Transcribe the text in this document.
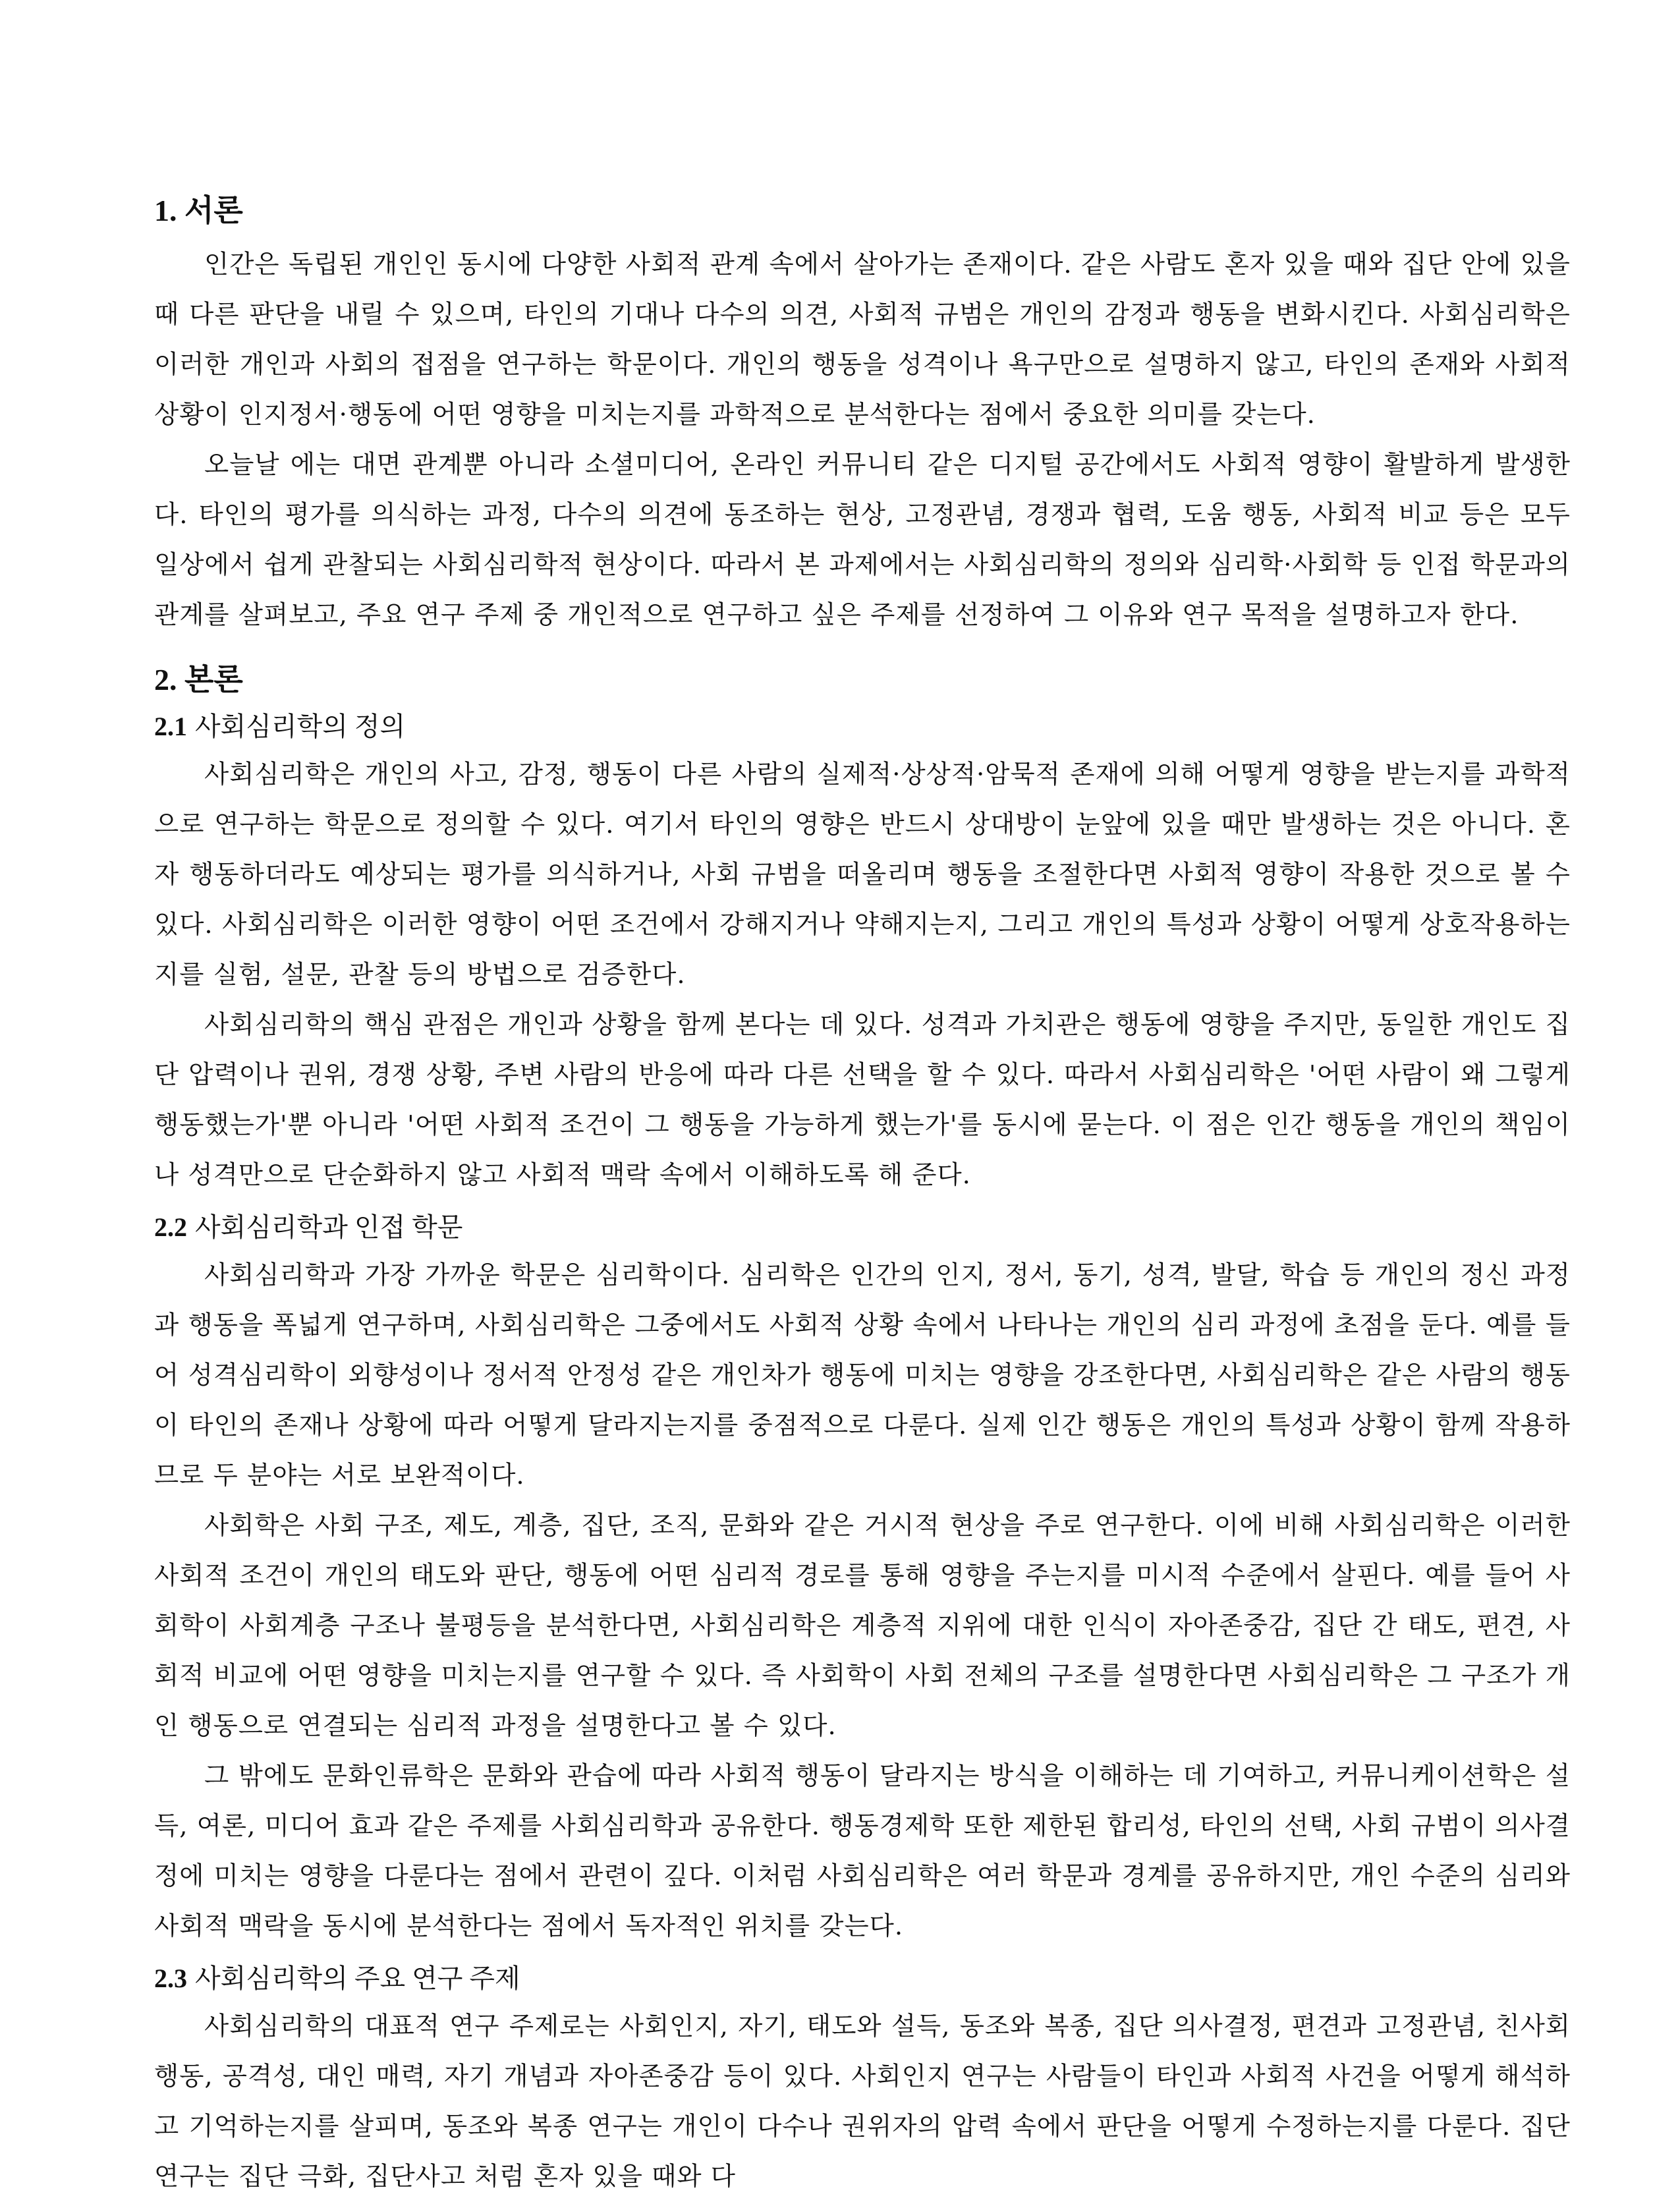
1. 서론

인간은 독립된 개인인 동시에 다양한 사회적 관계 속에서 살아가는 존재이다. 같은 사람도 혼자 있을 때와 집단 안에 있을 때 다른 판단을 내릴 수 있으며, 타인의 기대나 다수의 의견, 사회적 규범은 개인의 감정과 행동을 변화시킨다. 사회심리학은 이러한 개인과 사회의 접점을 연구하는 학문이다. 개인의 행동을 성격이나 욕구만으로 설명하지 않고, 타인의 존재와 사회적 상황이 인지정서·행동에 어떤 영향을 미치는지를 과학적으로 분석한다는 점에서 중요한 의미를 갖는다.

오늘날 에는 대면 관계뿐 아니라 소셜미디어, 온라인 커뮤니티 같은 디지털 공간에서도 사회적 영향이 활발하게 발생한다. 타인의 평가를 의식하는 과정, 다수의 의견에 동조하는 현상, 고정관념, 경쟁과 협력, 도움 행동, 사회적 비교 등은 모두 일상에서 쉽게 관찰되는 사회심리학적 현상이다. 따라서 본 과제에서는 사회심리학의 정의와 심리학·사회학 등 인접 학문과의 관계를 살펴보고, 주요 연구 주제 중 개인적으로 연구하고 싶은 주제를 선정하여 그 이유와 연구 목적을 설명하고자 한다.

2. 본론
2.1 사회심리학의 정의

사회심리학은 개인의 사고, 감정, 행동이 다른 사람의 실제적·상상적·암묵적 존재에 의해 어떻게 영향을 받는지를 과학적으로 연구하는 학문으로 정의할 수 있다. 여기서 타인의 영향은 반드시 상대방이 눈앞에 있을 때만 발생하는 것은 아니다. 혼자 행동하더라도 예상되는 평가를 의식하거나, 사회 규범을 떠올리며 행동을 조절한다면 사회적 영향이 작용한 것으로 볼 수 있다. 사회심리학은 이러한 영향이 어떤 조건에서 강해지거나 약해지는지, 그리고 개인의 특성과 상황이 어떻게 상호작용하는지를 실험, 설문, 관찰 등의 방법으로 검증한다.

사회심리학의 핵심 관점은 개인과 상황을 함께 본다는 데 있다. 성격과 가치관은 행동에 영향을 주지만, 동일한 개인도 집단 압력이나 권위, 경쟁 상황, 주변 사람의 반응에 따라 다른 선택을 할 수 있다. 따라서 사회심리학은 '어떤 사람이 왜 그렇게 행동했는가'뿐 아니라 '어떤 사회적 조건이 그 행동을 가능하게 했는가'를 동시에 묻는다. 이 점은 인간 행동을 개인의 책임이나 성격만으로 단순화하지 않고 사회적 맥락 속에서 이해하도록 해 준다.

2.2 사회심리학과 인접 학문

사회심리학과 가장 가까운 학문은 심리학이다. 심리학은 인간의 인지, 정서, 동기, 성격, 발달, 학습 등 개인의 정신 과정과 행동을 폭넓게 연구하며, 사회심리학은 그중에서도 사회적 상황 속에서 나타나는 개인의 심리 과정에 초점을 둔다. 예를 들어 성격심리학이 외향성이나 정서적 안정성 같은 개인차가 행동에 미치는 영향을 강조한다면, 사회심리학은 같은 사람의 행동이 타인의 존재나 상황에 따라 어떻게 달라지는지를 중점적으로 다룬다. 실제 인간 행동은 개인의 특성과 상황이 함께 작용하므로 두 분야는 서로 보완적이다.

사회학은 사회 구조, 제도, 계층, 집단, 조직, 문화와 같은 거시적 현상을 주로 연구한다. 이에 비해 사회심리학은 이러한 사회적 조건이 개인의 태도와 판단, 행동에 어떤 심리적 경로를 통해 영향을 주는지를 미시적 수준에서 살핀다. 예를 들어 사회학이 사회계층 구조나 불평등을 분석한다면, 사회심리학은 계층적 지위에 대한 인식이 자아존중감, 집단 간 태도, 편견, 사회적 비교에 어떤 영향을 미치는지를 연구할 수 있다. 즉 사회학이 사회 전체의 구조를 설명한다면 사회심리학은 그 구조가 개인 행동으로 연결되는 심리적 과정을 설명한다고 볼 수 있다.

그 밖에도 문화인류학은 문화와 관습에 따라 사회적 행동이 달라지는 방식을 이해하는 데 기여하고, 커뮤니케이션학은 설득, 여론, 미디어 효과 같은 주제를 사회심리학과 공유한다. 행동경제학 또한 제한된 합리성, 타인의 선택, 사회 규범이 의사결정에 미치는 영향을 다룬다는 점에서 관련이 깊다. 이처럼 사회심리학은 여러 학문과 경계를 공유하지만, 개인 수준의 심리와 사회적 맥락을 동시에 분석한다는 점에서 독자적인 위치를 갖는다.

2.3 사회심리학의 주요 연구 주제

사회심리학의 대표적 연구 주제로는 사회인지, 자기, 태도와 설득, 동조와 복종, 집단 의사결정, 편견과 고정관념, 친사회 행동, 공격성, 대인 매력, 자기 개념과 자아존중감 등이 있다. 사회인지 연구는 사람들이 타인과 사회적 사건을 어떻게 해석하고 기억하는지를 살피며, 동조와 복종 연구는 개인이 다수나 권위자의 압력 속에서 판단을 어떻게 수정하는지를 다룬다. 집단 연구는 집단 극화, 집단사고 처럼 혼자 있을 때와 다
